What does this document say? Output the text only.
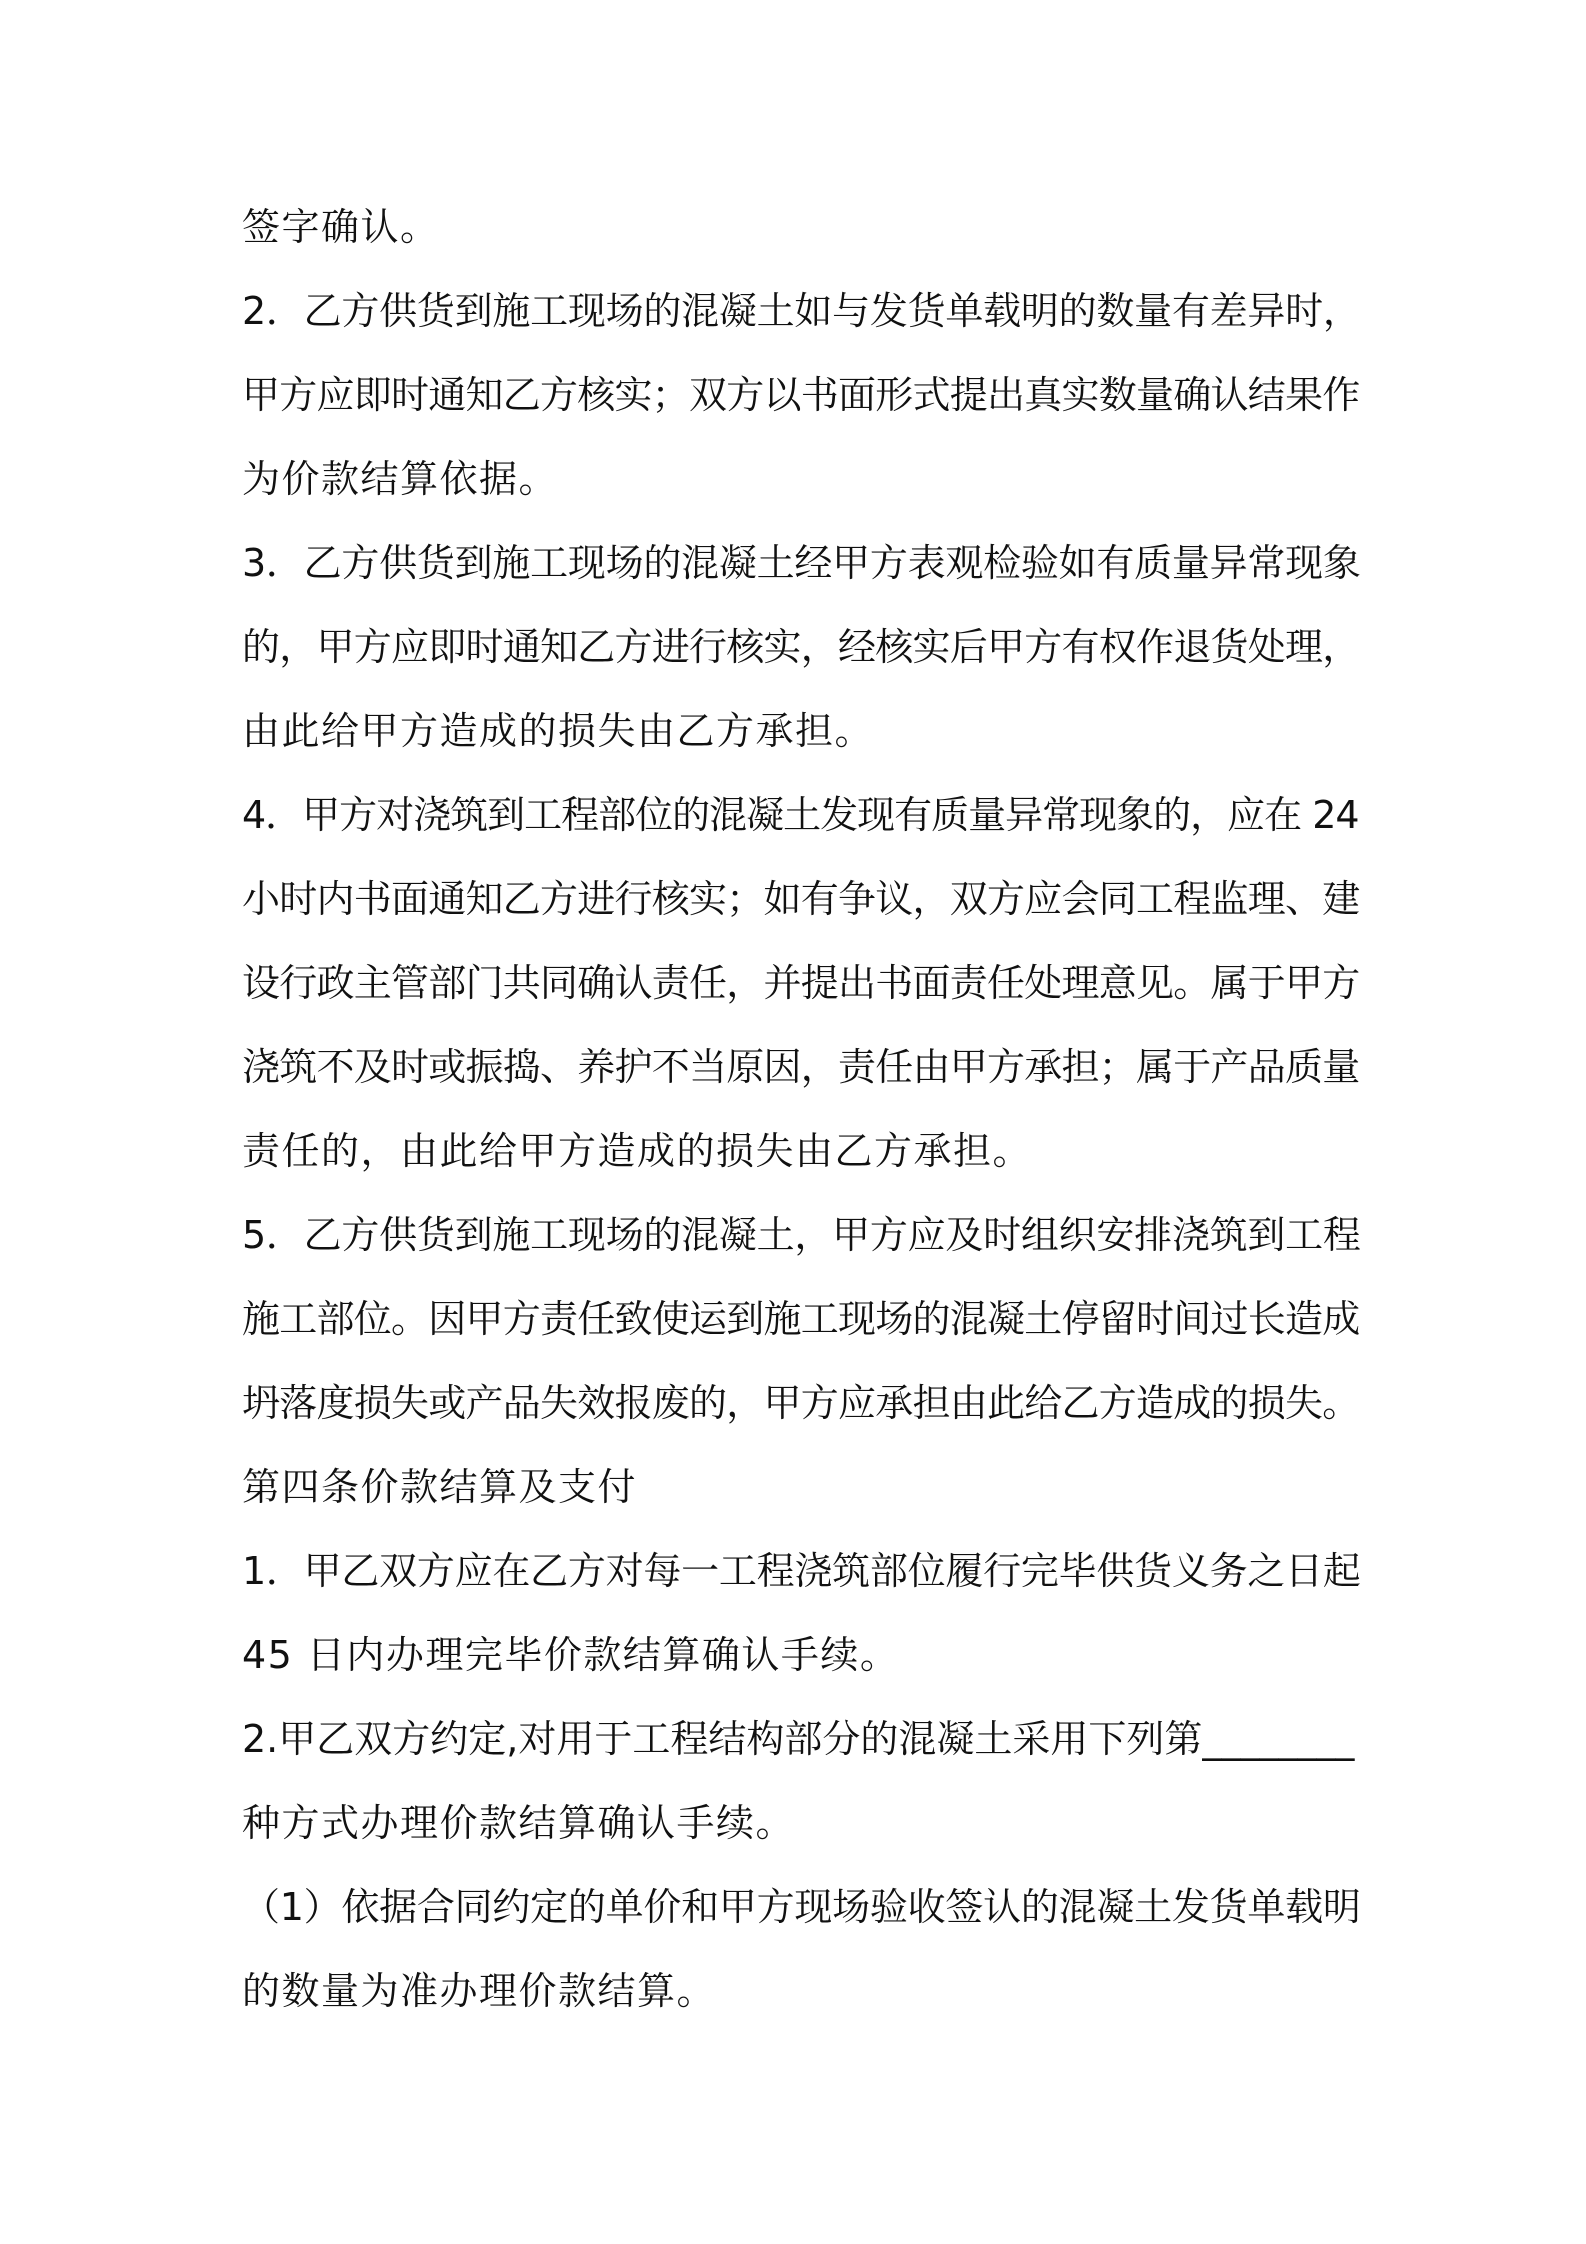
签字确认。
2．乙方供货到施工现场的混凝土如与发货单载明的数量有差异时，
甲方应即时通知乙方核实；双方以书面形式提出真实数量确认结果作
为价款结算依据。
3．乙方供货到施工现场的混凝土经甲方表观检验如有质量异常现象
的，甲方应即时通知乙方进行核实，经核实后甲方有权作退货处理，
由此给甲方造成的损失由乙方承担。
4．甲方对浇筑到工程部位的混凝土发现有质量异常现象的，应在 24
小时内书面通知乙方进行核实；如有争议，双方应会同工程监理、建
设行政主管部门共同确认责任，并提出书面责任处理意见。属于甲方
浇筑不及时或振捣、养护不当原因，责任由甲方承担；属于产品质量
责任的，由此给甲方造成的损失由乙方承担。
5．乙方供货到施工现场的混凝土，甲方应及时组织安排浇筑到工程
施工部位。因甲方责任致使运到施工现场的混凝土停留时间过长造成
坍落度损失或产品失效报废的，甲方应承担由此给乙方造成的损失。
第四条价款结算及支付
1．甲乙双方应在乙方对每一工程浇筑部位履行完毕供货义务之日起
45 日内办理完毕价款结算确认手续。
2.甲乙双方约定,对用于工程结构部分的混凝土采用下列第________
种方式办理价款结算确认手续。
（1）依据合同约定的单价和甲方现场验收签认的混凝土发货单载明
的数量为准办理价款结算。
